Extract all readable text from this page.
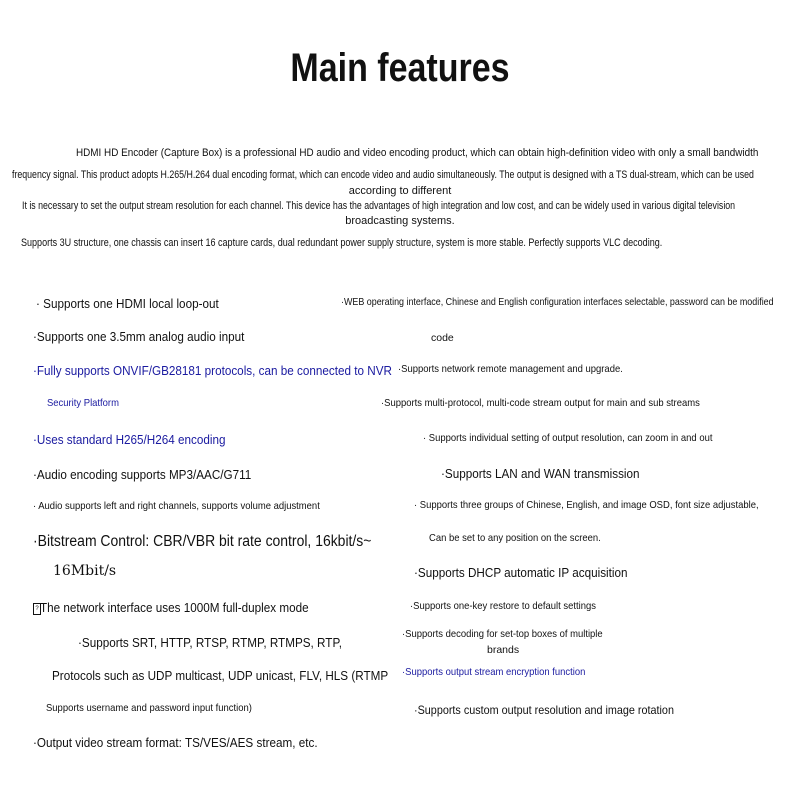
Main features
HDMI HD Encoder (Capture Box) is a professional HD audio and video encoding product, which can obtain high-definition video with only a small bandwidth
frequency signal. This product adopts H.265/H.264 dual encoding format, which can encode video and audio simultaneously. The output is designed with a TS dual-stream, which can be used
according to different
It is necessary to set the output stream resolution for each channel. This device has the advantages of high integration and low cost, and can be widely used in various digital television
broadcasting systems.
Supports 3U structure, one chassis can insert 16 capture cards, dual redundant power supply structure, system is more stable. Perfectly supports VLC decoding.
· Supports one HDMI local loop-out
·Supports one 3.5mm analog audio input
·Fully supports ONVIF/GB28181 protocols, can be connected to NVR
Security Platform
·Uses standard H265/H264 encoding
·Audio encoding supports MP3/AAC/G711
· Audio supports left and right channels, supports volume adjustment
·Bitstream Control: CBR/VBR bit rate control, 16kbit/s~
16Mbit/s
? The network interface uses 1000M full-duplex mode
·Supports SRT, HTTP, RTSP, RTMP, RTMPS, RTP,
Protocols such as UDP multicast, UDP unicast, FLV, HLS (RTMP
Supports username and password input function)
·Output video stream format: TS/VES/AES stream, etc.
·WEB operating interface, Chinese and English configuration interfaces selectable, password can be modified
code
·Supports network remote management and upgrade.
·Supports multi-protocol, multi-code stream output for main and sub streams
· Supports individual setting of output resolution, can zoom in and out
·Supports LAN and WAN transmission
· Supports three groups of Chinese, English, and image OSD, font size adjustable,
Can be set to any position on the screen.
·Supports DHCP automatic IP acquisition
·Supports one-key restore to default settings
·Supports decoding for set-top boxes of multiple
brands
·Supports output stream encryption function
·Supports custom output resolution and image rotation
